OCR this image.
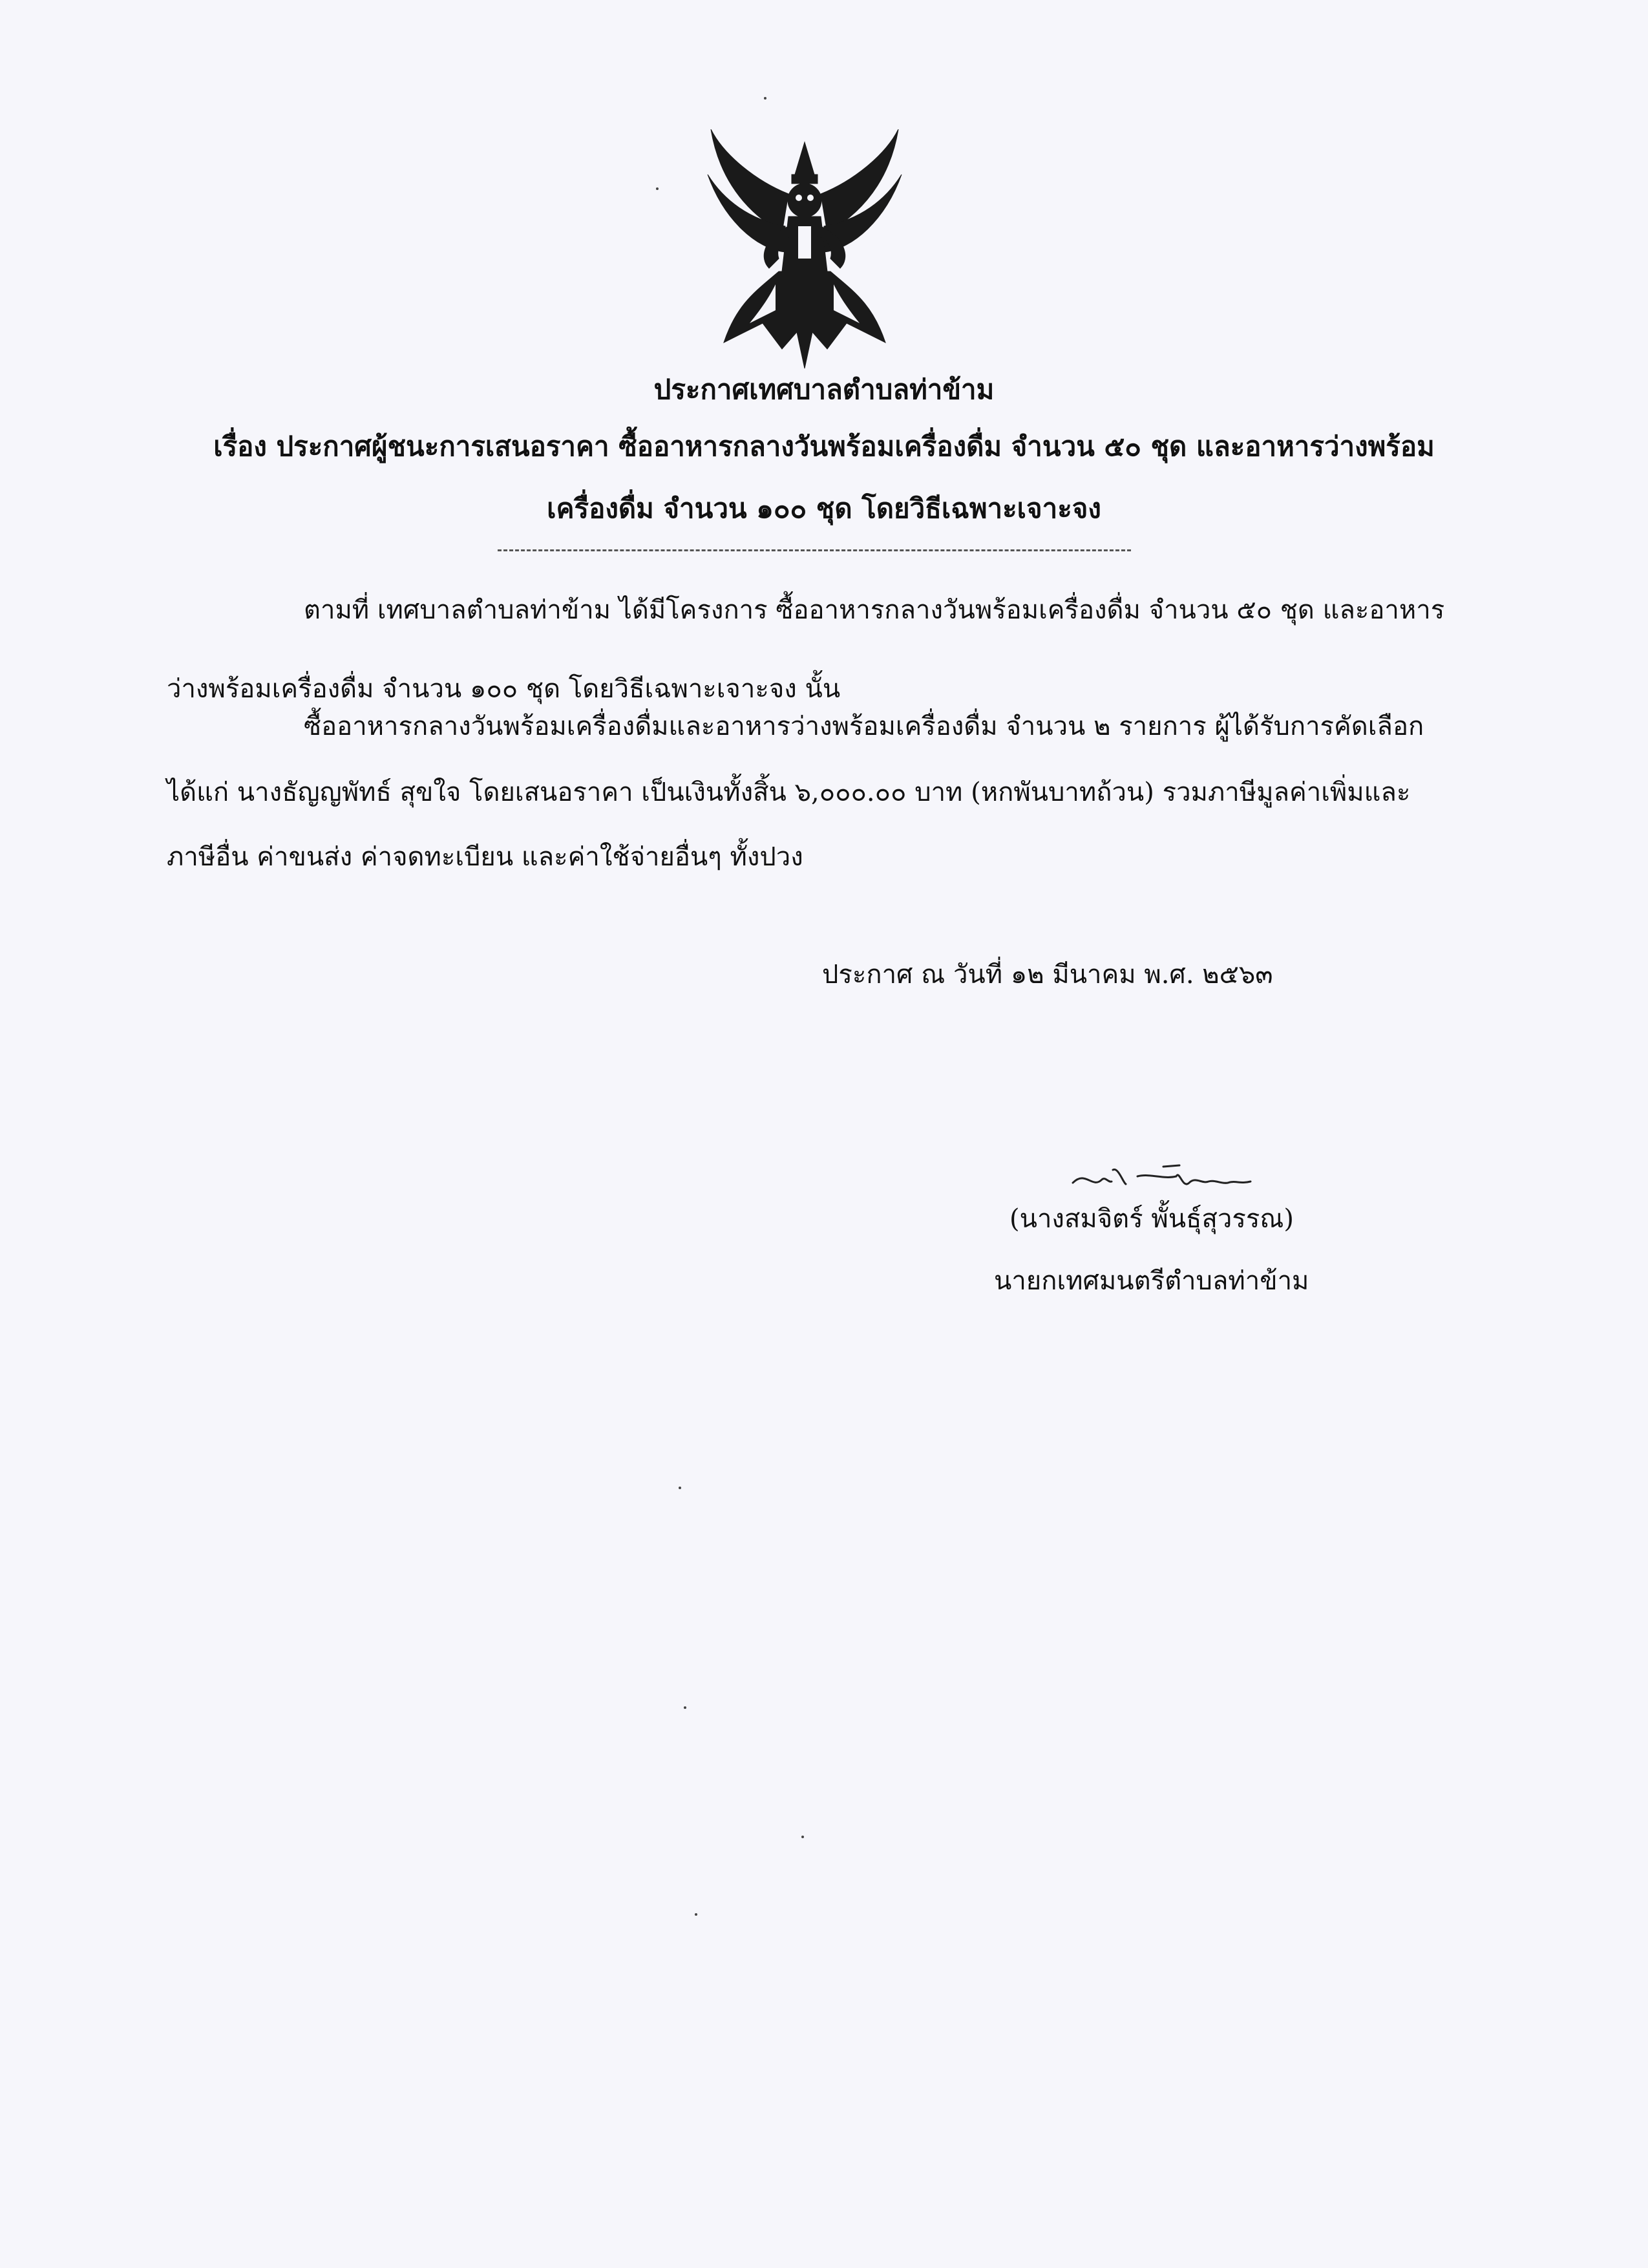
ประกาศเทศบาลตำบลท่าข้าม
เรื่อง ประกาศผู้ชนะการเสนอราคา ซื้ออาหารกลางวันพร้อมเครื่องดื่ม จำนวน ๕๐ ชุด และอาหารว่างพร้อม
เครื่องดื่ม จำนวน ๑๐๐ ชุด โดยวิธีเฉพาะเจาะจง
ตามที่ เทศบาลตำบลท่าข้าม ได้มีโครงการ ซื้ออาหารกลางวันพร้อมเครื่องดื่ม จำนวน ๕๐ ชุด และอาหาร
ว่างพร้อมเครื่องดื่ม จำนวน ๑๐๐ ชุด โดยวิธีเฉพาะเจาะจง นั้น
ซื้ออาหารกลางวันพร้อมเครื่องดื่มและอาหารว่างพร้อมเครื่องดื่ม จำนวน ๒ รายการ ผู้ได้รับการคัดเลือก
ได้แก่ นางธัญญพัทธ์ สุขใจ โดยเสนอราคา เป็นเงินทั้งสิ้น ๖,๐๐๐.๐๐ บาท (หกพันบาทถ้วน) รวมภาษีมูลค่าเพิ่มและ
ภาษีอื่น ค่าขนส่ง ค่าจดทะเบียน และค่าใช้จ่ายอื่นๆ ทั้งปวง
ประกาศ ณ วันที่ ๑๒ มีนาคม พ.ศ. ๒๕๖๓
(นางสมจิตร์ พั้นธุ์สุวรรณ)
นายกเทศมนตรีตำบลท่าข้าม
